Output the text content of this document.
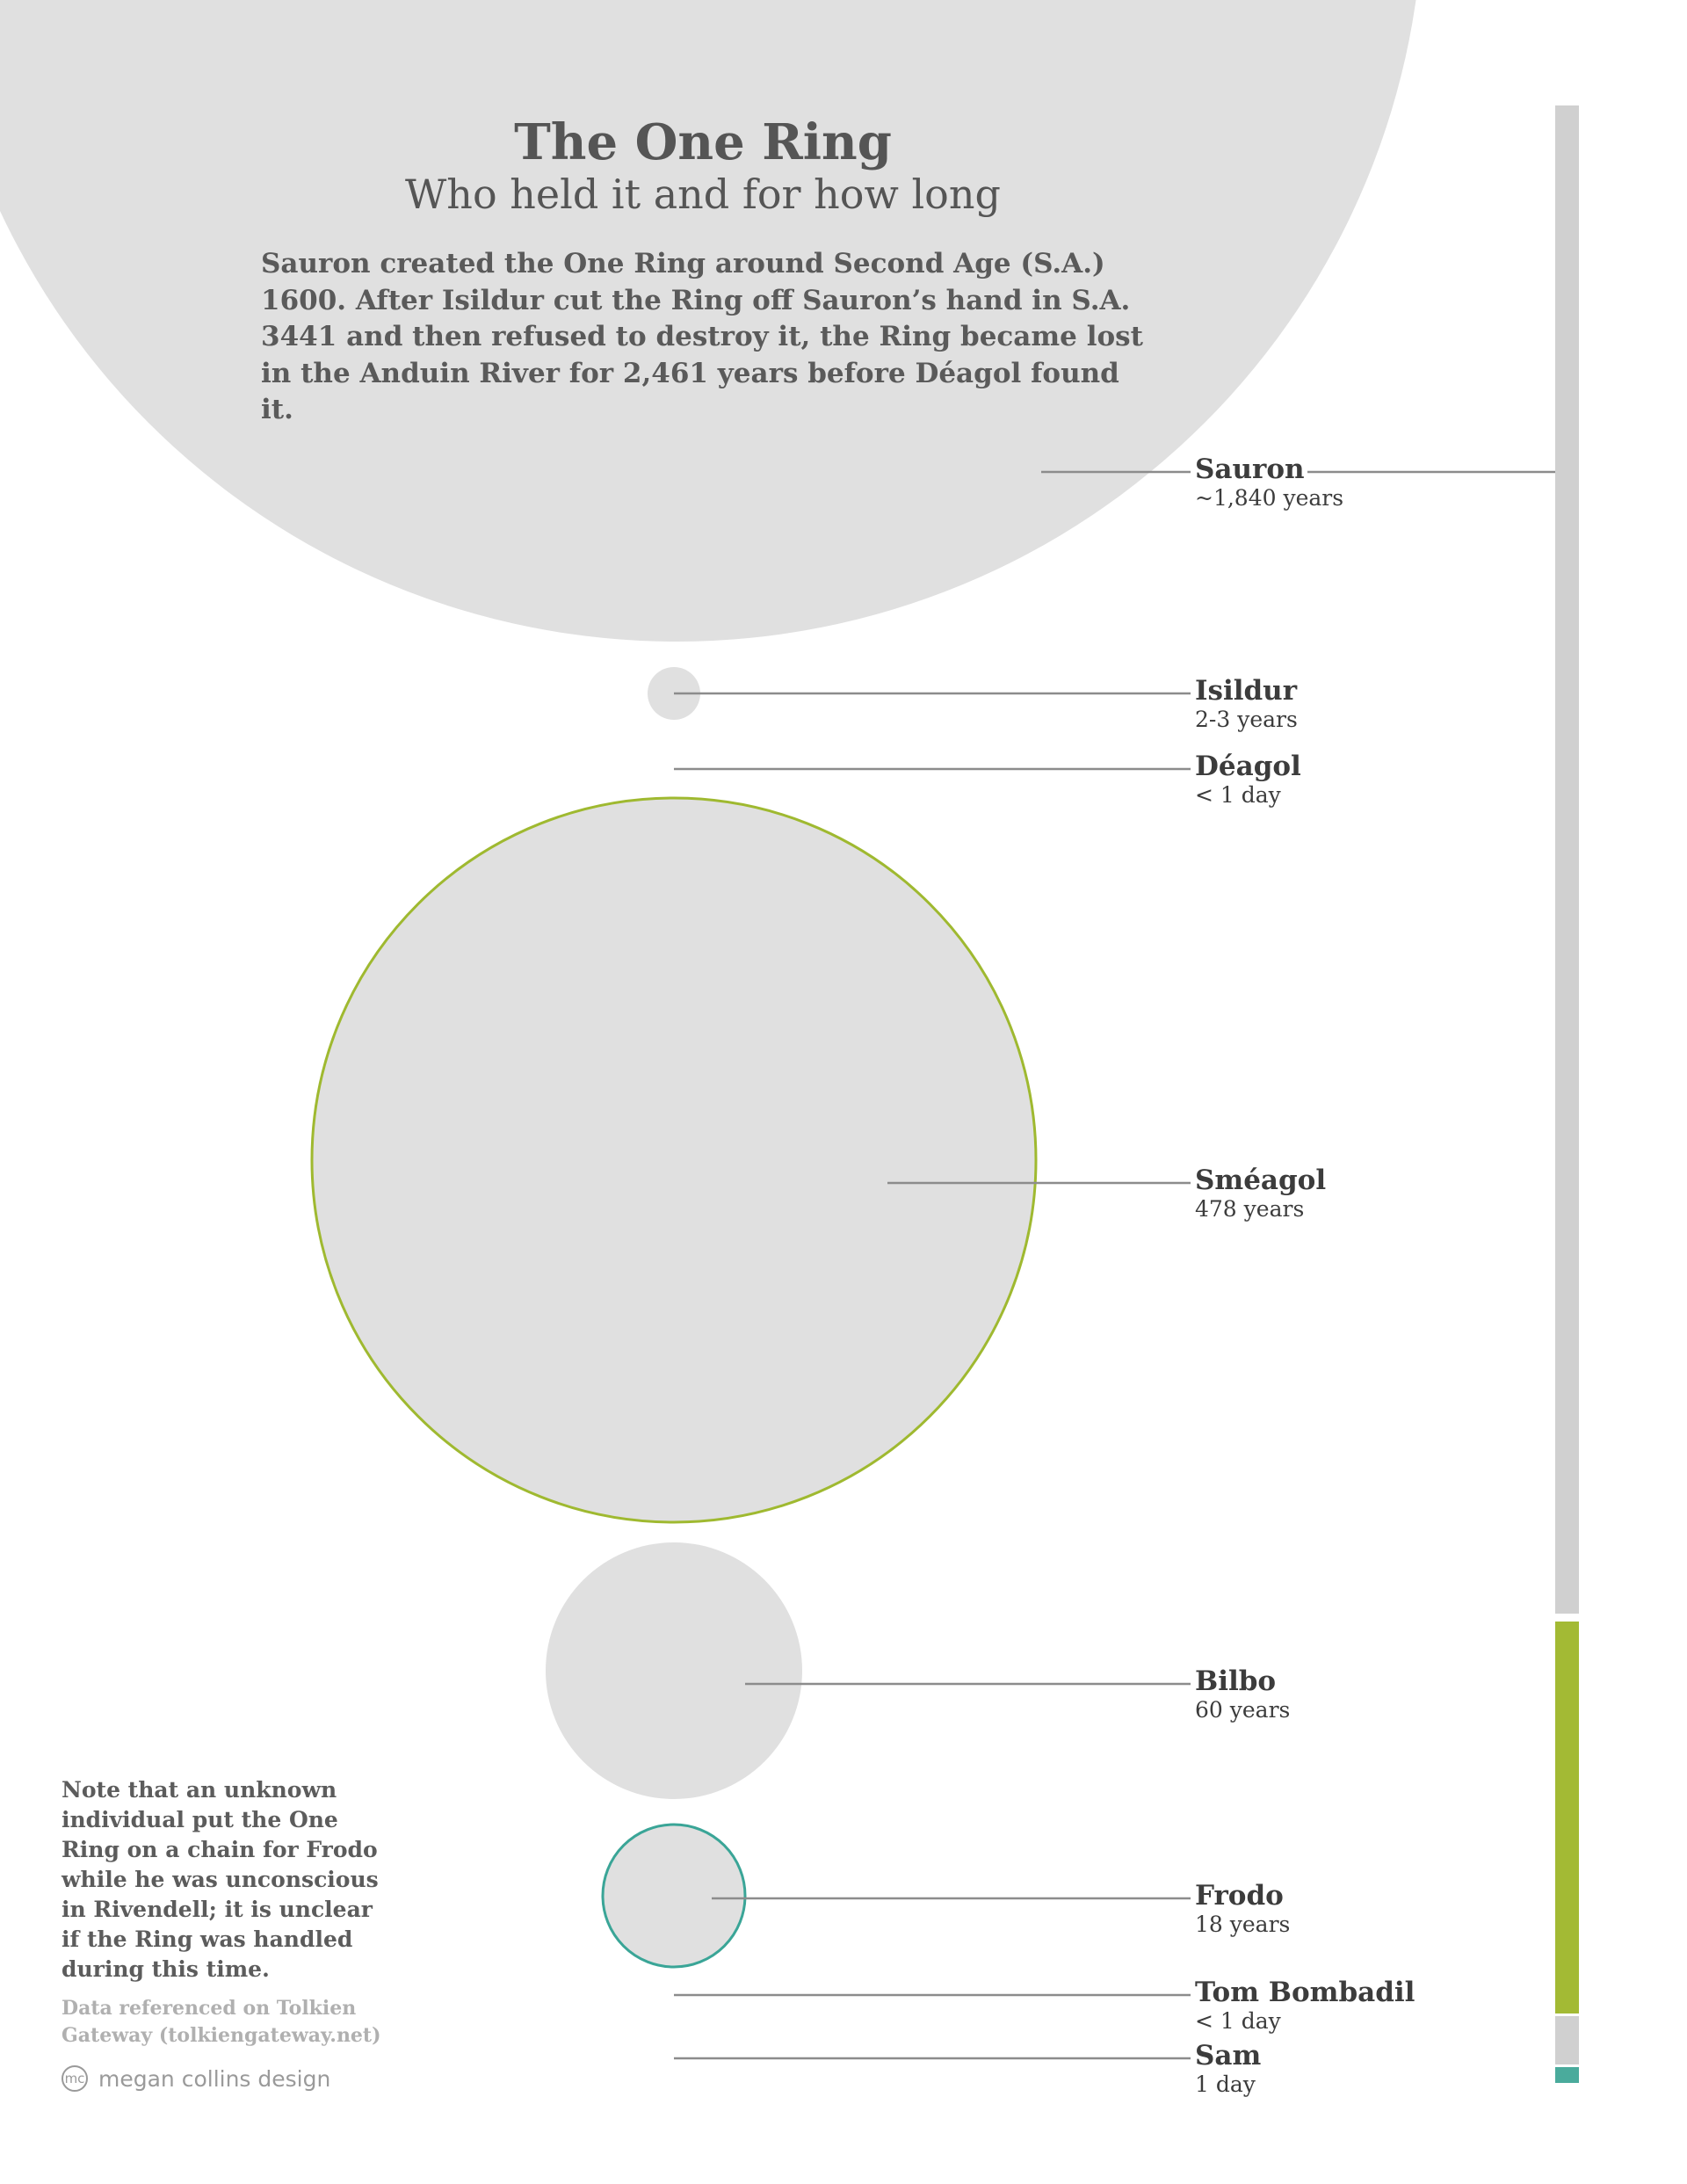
The One Ring
Who held it and for how long
Sauron created the One Ring around Second Age (S.A.) 1600. After Isildur cut the Ring off Sauron’s hand in S.A. 3441 and then refused to destroy it, the Ring became lost in the Anduin River for 2,461 years before Déagol found it.
Sauron
~1,840 years
Isildur
2-3 years
Déagol
< 1 day
Sméagol
478 years
Bilbo
60 years
Frodo
18 years
Tom Bombadil
< 1 day
Sam
1 day
Note that an unknown individual put the One Ring on a chain for Frodo while he was unconscious in Rivendell; it is unclear if the Ring was handled during this time.
Data referenced on Tolkien Gateway (tolkiengateway.net)
mc megan collins design
